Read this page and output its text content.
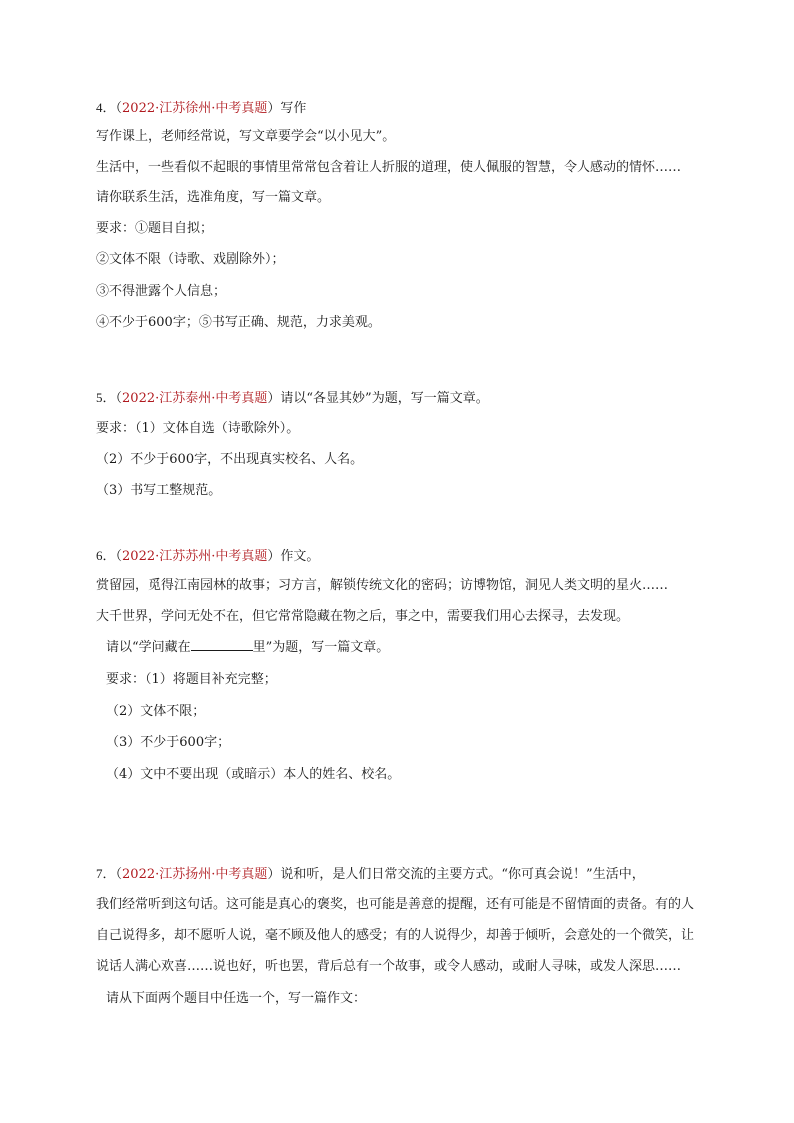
4．（2022·江苏徐州·中考真题）写作

写作课上，老师经常说，写文章要学会“以小见大”。

生活中，一些看似不起眼的事情里常常包含着让人折服的道理，使人佩服的智慧，令人感动的情怀……

请你联系生活，选准角度，写一篇文章。

要求：①题目自拟；

②文体不限（诗歌、戏剧除外）；

③不得泄露个人信息；

④不少于600字；⑤书写正确、规范，力求美观。

5．（2022·江苏泰州·中考真题）请以“各显其妙”为题，写一篇文章。

要求：（1）文体自选（诗歌除外）。

（2）不少于600字，不出现真实校名、人名。

（3）书写工整规范。

6．（2022·江苏苏州·中考真题）作文。

赏留园，觅得江南园林的故事；习方言，解锁传统文化的密码；访博物馆，洞见人类文明的星火……

大千世界，学问无处不在，但它常常隐藏在物之后，事之中，需要我们用心去探寻，去发现。

请以“学问藏在	里”为题，写一篇文章。

要求：（1）将题目补充完整；

（2）文体不限；

（3）不少于600字；

（4）文中不要出现（或暗示）本人的姓名、校名。

7．（2022·江苏扬州·中考真题）说和听，是人们日常交流的主要方式。“你可真会说！”生活中，

我们经常听到这句话。这可能是真心的褒奖，也可能是善意的提醒，还有可能是不留情面的责备。有的人

自己说得多，却不愿听人说，毫不顾及他人的感受；有的人说得少，却善于倾听，会意处的一个微笑，让

说话人满心欢喜……说也好，听也罢，背后总有一个故事，或令人感动，或耐人寻味，或发人深思……

请从下面两个题目中任选一个，写一篇作文：
